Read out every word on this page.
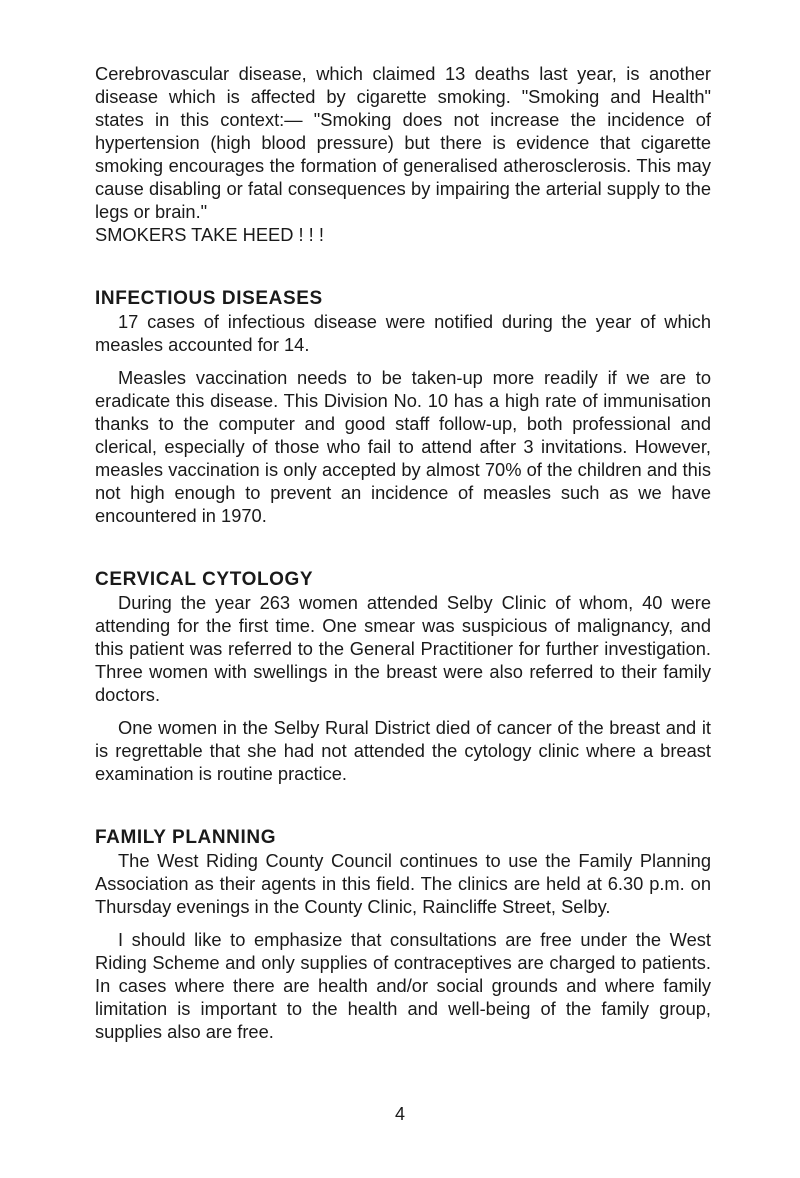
Cerebrovascular disease, which claimed 13 deaths last year, is another disease which is affected by cigarette smoking. "Smoking and Health" states in this context:— "Smoking does not increase the incidence of hypertension (high blood pressure) but there is evidence that cigarette smoking encourages the formation of generalised atherosclerosis. This may cause disabling or fatal consequences by impairing the arterial supply to the legs or brain."

SMOKERS TAKE HEED ! ! !

INFECTIOUS DISEASES

17 cases of infectious disease were notified during the year of which measles accounted for 14.

Measles vaccination needs to be taken-up more readily if we are to eradicate this disease. This Division No. 10 has a high rate of immunisation thanks to the computer and good staff follow-up, both professional and clerical, especially of those who fail to attend after 3 invitations. However, measles vaccination is only accepted by almost 70% of the children and this not high enough to prevent an incidence of measles such as we have encountered in 1970.

CERVICAL CYTOLOGY

During the year 263 women attended Selby Clinic of whom, 40 were attending for the first time. One smear was suspicious of malignancy, and this patient was referred to the General Practitioner for further investigation. Three women with swellings in the breast were also referred to their family doctors.

One women in the Selby Rural District died of cancer of the breast and it is regrettable that she had not attended the cytology clinic where a breast examination is routine practice.

FAMILY PLANNING

The West Riding County Council continues to use the Family Planning Association as their agents in this field. The clinics are held at 6.30 p.m. on Thursday evenings in the County Clinic, Raincliffe Street, Selby.

I should like to emphasize that consultations are free under the West Riding Scheme and only supplies of contraceptives are charged to patients. In cases where there are health and/or social grounds and where family limitation is important to the health and well-being of the family group, supplies also are free.

4
